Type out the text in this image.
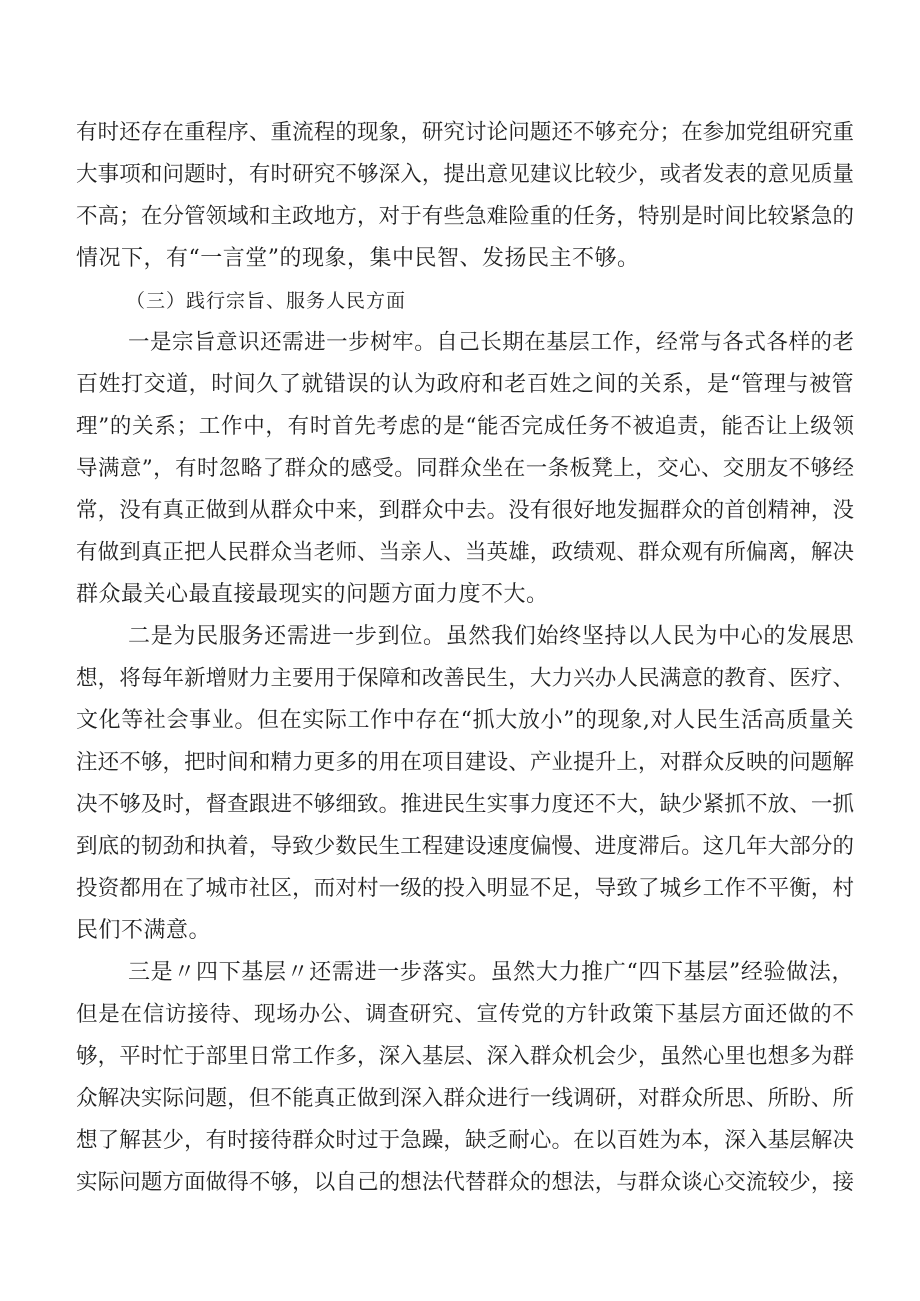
有时还存在重程序、重流程的现象，研究讨论问题还不够充分；在参加党组研究重
大事项和问题时，有时研究不够深入，提出意见建议比较少，或者发表的意见质量
不高；在分管领域和主政地方，对于有些急难险重的任务，特别是时间比较紧急的
情况下，有“一言堂”的现象，集中民智、发扬民主不够。
（三）践行宗旨、服务人民方面
一是宗旨意识还需进一步树牢。自己长期在基层工作，经常与各式各样的老
百姓打交道，时间久了就错误的认为政府和老百姓之间的关系，是“管理与被管
理”的关系；工作中，有时首先考虑的是“能否完成任务不被追责，能否让上级领
导满意”，有时忽略了群众的感受。同群众坐在一条板凳上，交心、交朋友不够经
常，没有真正做到从群众中来，到群众中去。没有很好地发掘群众的首创精神，没
有做到真正把人民群众当老师、当亲人、当英雄，政绩观、群众观有所偏离，解决
群众最关心最直接最现实的问题方面力度不大。
二是为民服务还需进一步到位。虽然我们始终坚持以人民为中心的发展思
想，将每年新增财力主要用于保障和改善民生，大力兴办人民满意的教育、医疗、
文化等社会事业。但在实际工作中存在“抓大放小”的现象,对人民生活高质量关
注还不够，把时间和精力更多的用在项目建设、产业提升上，对群众反映的问题解
决不够及时，督查跟进不够细致。推进民生实事力度还不大，缺少紧抓不放、一抓
到底的韧劲和执着，导致少数民生工程建设速度偏慢、进度滞后。这几年大部分的
投资都用在了城市社区，而对村一级的投入明显不足，导致了城乡工作不平衡，村
民们不满意。
三是〃四下基层〃还需进一步落实。虽然大力推广“四下基层”经验做法，
但是在信访接待、现场办公、调查研究、宣传党的方针政策下基层方面还做的不
够，平时忙于部里日常工作多，深入基层、深入群众机会少，虽然心里也想多为群
众解决实际问题，但不能真正做到深入群众进行一线调研，对群众所思、所盼、所
想了解甚少，有时接待群众时过于急躁，缺乏耐心。在以百姓为本，深入基层解决
实际问题方面做得不够，以自己的想法代替群众的想法，与群众谈心交流较少，接
